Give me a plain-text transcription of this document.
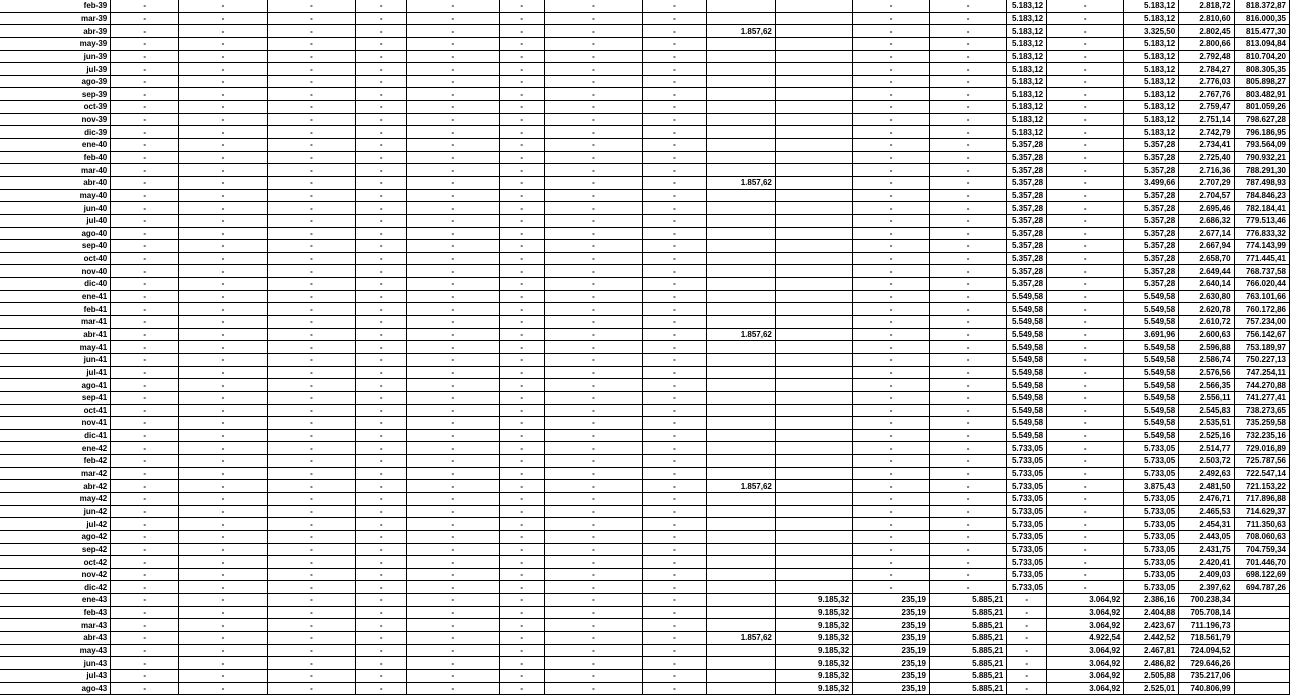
feb-39	-	-	-	-	-	-	-	-			-	-	5.183,12	-	5.183,12	2.818,72	818.372,87
mar-39	-	-	-	-	-	-	-	-			-	-	5.183,12	-	5.183,12	2.810,60	816.000,35
abr-39	-	-	-	-	-	-	-	-	1.857,62		-	-	5.183,12	-	3.325,50	2.802,45	815.477,30
may-39	-	-	-	-	-	-	-	-			-	-	5.183,12	-	5.183,12	2.800,66	813.094,84
jun-39	-	-	-	-	-	-	-	-			-	-	5.183,12	-	5.183,12	2.792,48	810.704,20
jul-39	-	-	-	-	-	-	-	-			-	-	5.183,12	-	5.183,12	2.784,27	808.305,35
ago-39	-	-	-	-	-	-	-	-			-	-	5.183,12	-	5.183,12	2.776,03	805.898,27
sep-39	-	-	-	-	-	-	-	-			-	-	5.183,12	-	5.183,12	2.767,76	803.482,91
oct-39	-	-	-	-	-	-	-	-			-	-	5.183,12	-	5.183,12	2.759,47	801.059,26
nov-39	-	-	-	-	-	-	-	-			-	-	5.183,12	-	5.183,12	2.751,14	798.627,28
dic-39	-	-	-	-	-	-	-	-			-	-	5.183,12	-	5.183,12	2.742,79	796.186,95
ene-40	-	-	-	-	-	-	-	-			-	-	5.357,28	-	5.357,28	2.734,41	793.564,09
feb-40	-	-	-	-	-	-	-	-			-	-	5.357,28	-	5.357,28	2.725,40	790.932,21
mar-40	-	-	-	-	-	-	-	-			-	-	5.357,28	-	5.357,28	2.716,36	788.291,30
abr-40	-	-	-	-	-	-	-	-	1.857,62		-	-	5.357,28	-	3.499,66	2.707,29	787.498,93
may-40	-	-	-	-	-	-	-	-			-	-	5.357,28	-	5.357,28	2.704,57	784.846,23
jun-40	-	-	-	-	-	-	-	-			-	-	5.357,28	-	5.357,28	2.695,46	782.184,41
jul-40	-	-	-	-	-	-	-	-			-	-	5.357,28	-	5.357,28	2.686,32	779.513,46
ago-40	-	-	-	-	-	-	-	-			-	-	5.357,28	-	5.357,28	2.677,14	776.833,32
sep-40	-	-	-	-	-	-	-	-			-	-	5.357,28	-	5.357,28	2.667,94	774.143,99
oct-40	-	-	-	-	-	-	-	-			-	-	5.357,28	-	5.357,28	2.658,70	771.445,41
nov-40	-	-	-	-	-	-	-	-			-	-	5.357,28	-	5.357,28	2.649,44	768.737,58
dic-40	-	-	-	-	-	-	-	-			-	-	5.357,28	-	5.357,28	2.640,14	766.020,44
ene-41	-	-	-	-	-	-	-	-			-	-	5.549,58	-	5.549,58	2.630,80	763.101,66
feb-41	-	-	-	-	-	-	-	-			-	-	5.549,58	-	5.549,58	2.620,78	760.172,86
mar-41	-	-	-	-	-	-	-	-			-	-	5.549,58	-	5.549,58	2.610,72	757.234,00
abr-41	-	-	-	-	-	-	-	-	1.857,62		-	-	5.549,58	-	3.691,96	2.600,63	756.142,67
may-41	-	-	-	-	-	-	-	-			-	-	5.549,58	-	5.549,58	2.596,88	753.189,97
jun-41	-	-	-	-	-	-	-	-			-	-	5.549,58	-	5.549,58	2.586,74	750.227,13
jul-41	-	-	-	-	-	-	-	-			-	-	5.549,58	-	5.549,58	2.576,56	747.254,11
ago-41	-	-	-	-	-	-	-	-			-	-	5.549,58	-	5.549,58	2.566,35	744.270,88
sep-41	-	-	-	-	-	-	-	-			-	-	5.549,58	-	5.549,58	2.556,11	741.277,41
oct-41	-	-	-	-	-	-	-	-			-	-	5.549,58	-	5.549,58	2.545,83	738.273,65
nov-41	-	-	-	-	-	-	-	-			-	-	5.549,58	-	5.549,58	2.535,51	735.259,58
dic-41	-	-	-	-	-	-	-	-			-	-	5.549,58	-	5.549,58	2.525,16	732.235,16
ene-42	-	-	-	-	-	-	-	-			-	-	5.733,05	-	5.733,05	2.514,77	729.016,89
feb-42	-	-	-	-	-	-	-	-			-	-	5.733,05	-	5.733,05	2.503,72	725.787,56
mar-42	-	-	-	-	-	-	-	-			-	-	5.733,05	-	5.733,05	2.492,63	722.547,14
abr-42	-	-	-	-	-	-	-	-	1.857,62		-	-	5.733,05	-	3.875,43	2.481,50	721.153,22
may-42	-	-	-	-	-	-	-	-			-	-	5.733,05	-	5.733,05	2.476,71	717.896,88
jun-42	-	-	-	-	-	-	-	-			-	-	5.733,05	-	5.733,05	2.465,53	714.629,37
jul-42	-	-	-	-	-	-	-	-			-	-	5.733,05	-	5.733,05	2.454,31	711.350,63
ago-42	-	-	-	-	-	-	-	-			-	-	5.733,05	-	5.733,05	2.443,05	708.060,63
sep-42	-	-	-	-	-	-	-	-			-	-	5.733,05	-	5.733,05	2.431,75	704.759,34
oct-42	-	-	-	-	-	-	-	-			-	-	5.733,05	-	5.733,05	2.420,41	701.446,70
nov-42	-	-	-	-	-	-	-	-			-	-	5.733,05	-	5.733,05	2.409,03	698.122,69
dic-42	-	-	-	-	-	-	-	-			-	-	5.733,05	-	5.733,05	2.397,62	694.787,26
ene-43	-	-	-	-	-	-	-	-		9.185,32	235,19	5.885,21	-	3.064,92	2.386,16	700.238,34	
feb-43	-	-	-	-	-	-	-	-		9.185,32	235,19	5.885,21	-	3.064,92	2.404,88	705.708,14	
mar-43	-	-	-	-	-	-	-	-		9.185,32	235,19	5.885,21	-	3.064,92	2.423,67	711.196,73	
abr-43	-	-	-	-	-	-	-	-	1.857,62	9.185,32	235,19	5.885,21	-	4.922,54	2.442,52	718.561,79	
may-43	-	-	-	-	-	-	-	-		9.185,32	235,19	5.885,21	-	3.064,92	2.467,81	724.094,52	
jun-43	-	-	-	-	-	-	-	-		9.185,32	235,19	5.885,21	-	3.064,92	2.486,82	729.646,26	
jul-43	-	-	-	-	-	-	-	-		9.185,32	235,19	5.885,21	-	3.064,92	2.505,88	735.217,06	
ago-43	-	-	-	-	-	-	-	-		9.185,32	235,19	5.885,21	-	3.064,92	2.525,01	740.806,99	
